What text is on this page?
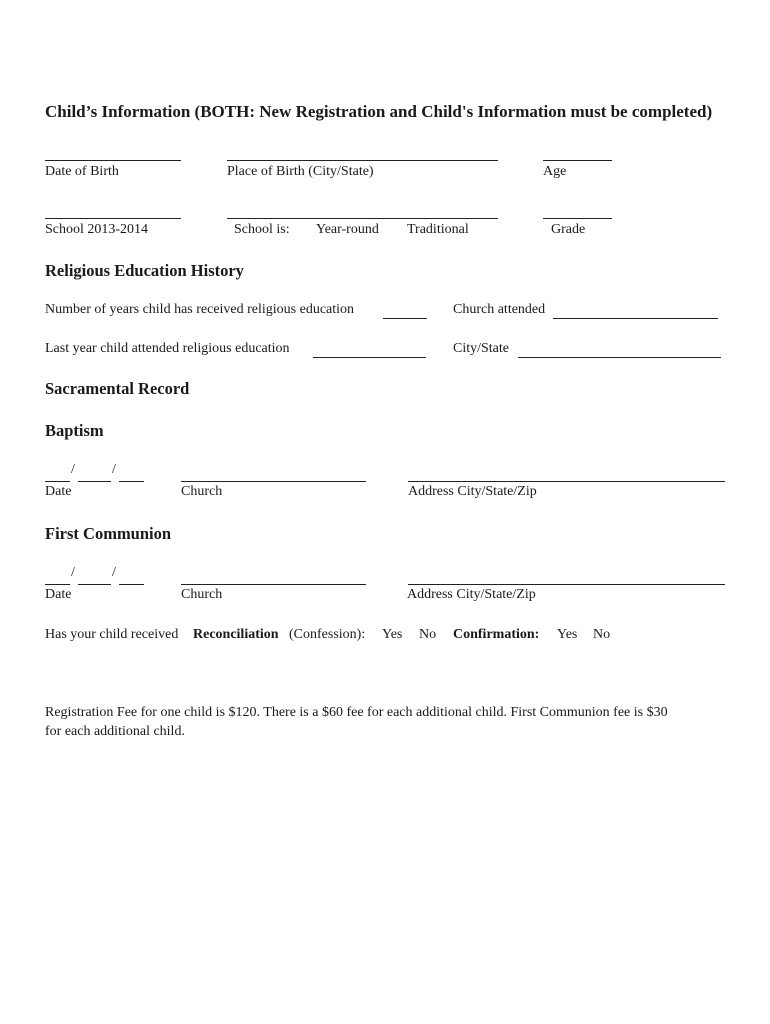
Child’s Information (BOTH: New Registration and Child's Information must be completed)
Date of Birth	Place of Birth (City/State)	Age
School 2013-2014	School is: Year-round Traditional	Grade
Religious Education History
Number of years child has received religious education	Church attended
Last year child attended religious education	City/State
Sacramental Record
Baptism
/	/
Date	Church	Address City/State/Zip
First Communion
/	/
Date	Church	Address City/State/Zip
Has your child received Reconciliation (Confession): Yes No Confirmation: Yes No
Registration Fee for one child is $120. There is a $60 fee for each additional child. First Communion fee is $30
for each additional child.
